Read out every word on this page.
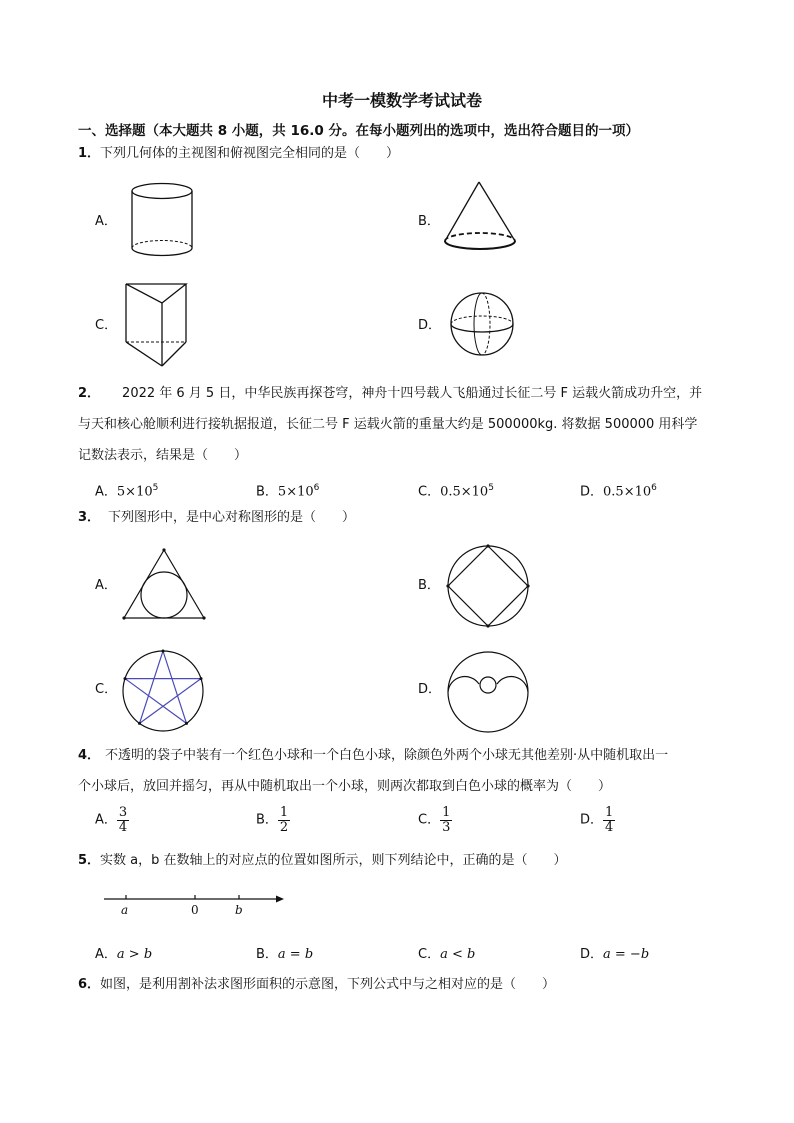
中考一模数学考试试卷
一、选择题（本大题共 8 小题，共 16.0 分。在每小题列出的选项中，选出符合题目的一项）
1．下列几何体的主视图和俯视图完全相同的是（　　）
A．	B．
C．	D．
2． 2022 年 6 月 5 日，中华民族再探苍穹，神舟十四号载人飞船通过长征二号 F 运载火箭成功升空，并
与天和核心舱顺利进行接轨据报道，长征二号 F 运载火箭的重量大约是 500000kg. 将数据 500000 用科学
记数法表示，结果是（　　）
A．$5\times 10^5$	B．$5\times 10^6$	C．$0.5\times 10^5$	D．$0.5\times 10^6$
3． 下列图形中，是中心对称图形的是（　　）
A．	B．
C．	D．
4． 不透明的袋子中装有一个红色小球和一个白色小球，除颜色外两个小球无其他差别·从中随机取出一
个小球后，放回并摇匀，再从中随机取出一个小球，则两次都取到白色小球的概率为（　　）
A． $\frac{3}{4}$	B． $\frac{1}{2}$	C． $\frac{1}{3}$	D． $\frac{1}{4}$
5．实数 a，b 在数轴上的对应点的位置如图所示，则下列结论中，正确的是（　　）
a	0	b
A．a > b	B．a = b	C．a < b	D．a = −b
6．如图，是利用割补法求图形面积的示意图，下列公式中与之相对应的是（　　）
